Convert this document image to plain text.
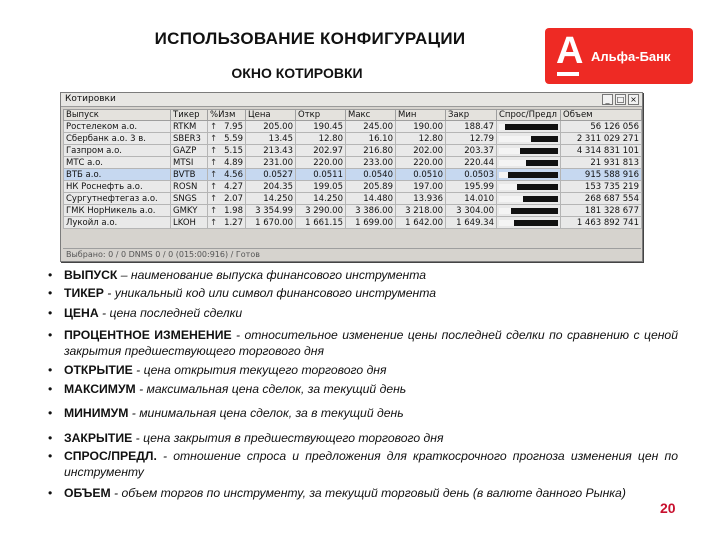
ИСПОЛЬЗОВАНИЕ КОНФИГУРАЦИИ
ОКНО КОТИРОВКИ
А Альфа-Банк
Котировки	_ □ ×
Выпуск	Тикер	%Изм	Цена	Откр	Макс	Мин	Закр	Спрос/Предл	Объем
Ростелеком а.о.	RTKM	↑ 7.95	205.00	190.45	245.00	190.00	188.47		56 126 056
Сбербанк а.о. 3 в.	SBER3	↑ 5.59	13.45	12.80	16.10	12.80	12.79		2 311 029 271
Газпром а.о.	GAZP	↑ 5.15	213.43	202.97	216.80	202.00	203.37		4 314 831 101
МТС а.о.	MTSI	↑ 4.89	231.00	220.00	233.00	220.00	220.44		21 931 813
ВТБ а.о.	BVTB	↑ 4.56	0.0527	0.0511	0.0540	0.0510	0.0503		915 588 916
НК Роснефть а.о.	ROSN	↑ 4.27	204.35	199.05	205.89	197.00	195.99		153 735 219
Сургутнефтегаз а.о.	SNGS	↑ 2.07	14.250	14.250	14.480	13.936	14.010		268 687 554
ГМК НорНикель а.о.	GMKY	↑ 1.98	3 354.99	3 290.00	3 386.00	3 218.00	3 304.00		181 328 677
Лукойл а.о.	LKOH	↑ 1.27	1 670.00	1 661.15	1 699.00	1 642.00	1 649.34		1 463 892 741
Выбрано: 0 / 0 DNMS 0 / 0 (015:00:916) / Готов
• ВЫПУСК – наименование выпуска финансового инструмента
• ТИКЕР - уникальный код или символ финансового инструмента
• ЦЕНА - цена последней сделки
• ПРОЦЕНТНОЕ ИЗМЕНЕНИЕ - относительное изменение цены последней сделки по сравнению с ценой закрытия предшествующего торгового дня
• ОТКРЫТИЕ - цена открытия текущего торгового дня
• МАКСИМУМ - максимальная цена сделок, за текущий день
• МИНИМУМ - минимальная цена сделок, за в текущий день
• ЗАКРЫТИЕ - цена закрытия в предшествующего торгового дня
• СПРОС/ПРЕДЛ. - отношение спроса и предложения для краткосрочного прогноза изменения цен по инструменту
• ОБЪЕМ - объем торгов по инструменту, за текущий торговый день (в валюте данного Рынка)
20
